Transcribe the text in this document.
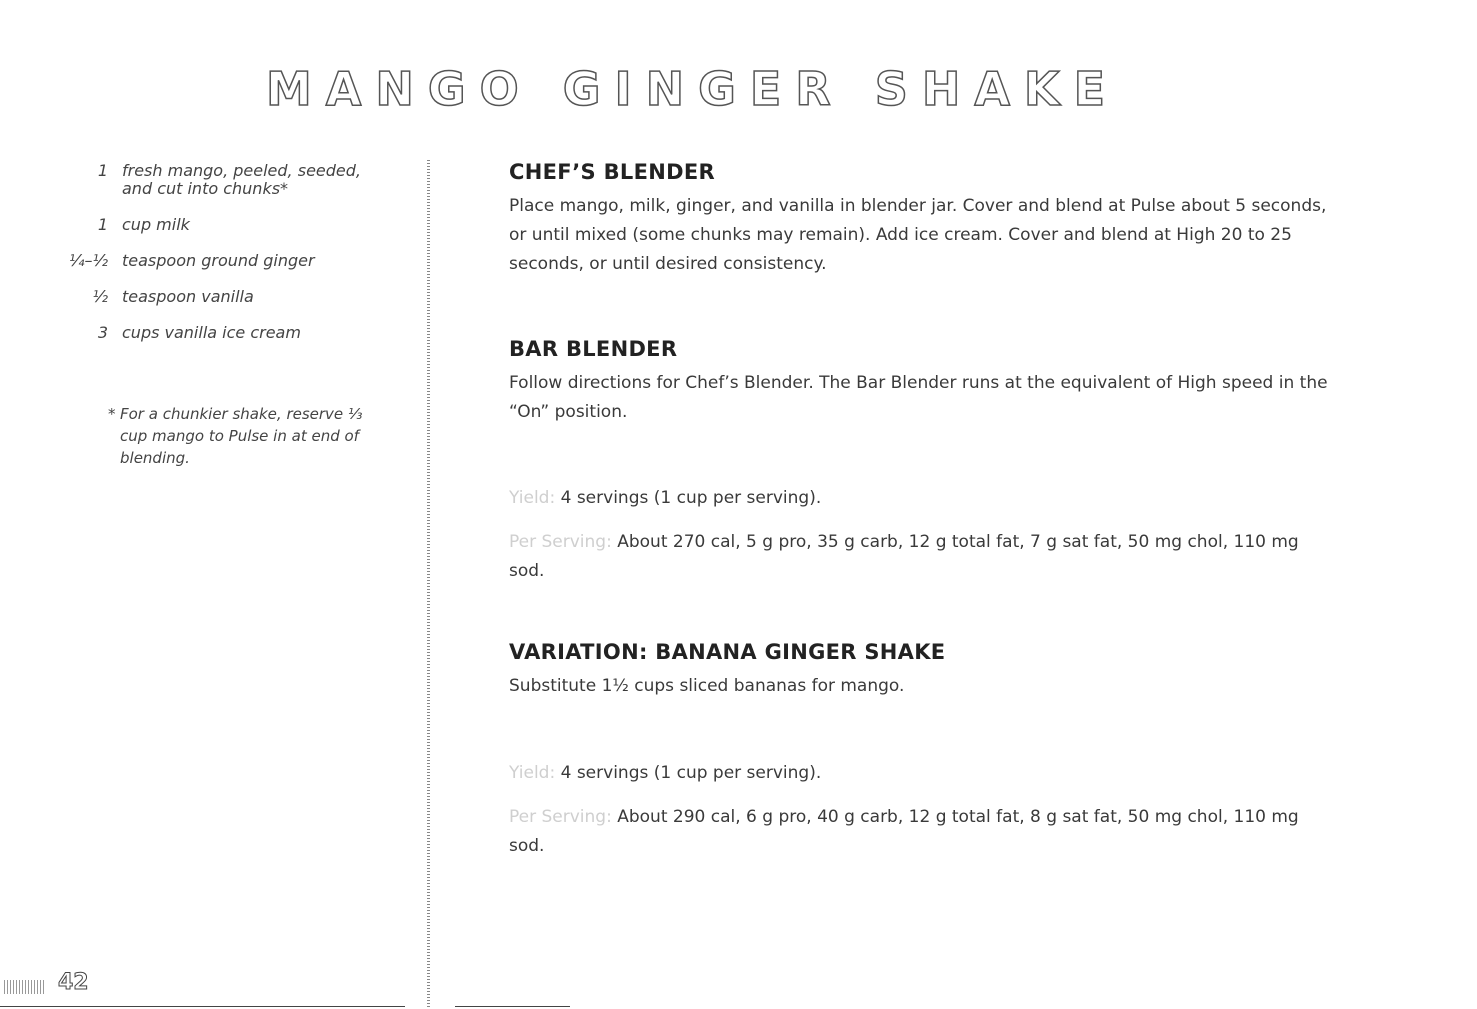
MANGO GINGER SHAKE
1 fresh mango, peeled, seeded, and cut into chunks*
1 cup milk
¼–½ teaspoon ground ginger
½ teaspoon vanilla
3 cups vanilla ice cream
* For a chunkier shake, reserve ⅓ cup mango to Pulse in at end of blending.
CHEF’S BLENDER

Place mango, milk, ginger, and vanilla in blender jar. Cover and blend at Pulse about 5 seconds, or until mixed (some chunks may remain). Add ice cream. Cover and blend at High 20 to 25 seconds, or until desired consistency.

BAR BLENDER

Follow directions for Chef’s Blender. The Bar Blender runs at the equivalent of High speed in the “On” position.

Yield: 4 servings (1 cup per serving).

Per Serving: About 270 cal, 5 g pro, 35 g carb, 12 g total fat, 7 g sat fat, 50 mg chol, 110 mg sod.

VARIATION: BANANA GINGER SHAKE

Substitute 1½ cups sliced bananas for mango.

Yield: 4 servings (1 cup per serving).

Per Serving: About 290 cal, 6 g pro, 40 g carb, 12 g total fat, 8 g sat fat, 50 mg chol, 110 mg sod.

42
